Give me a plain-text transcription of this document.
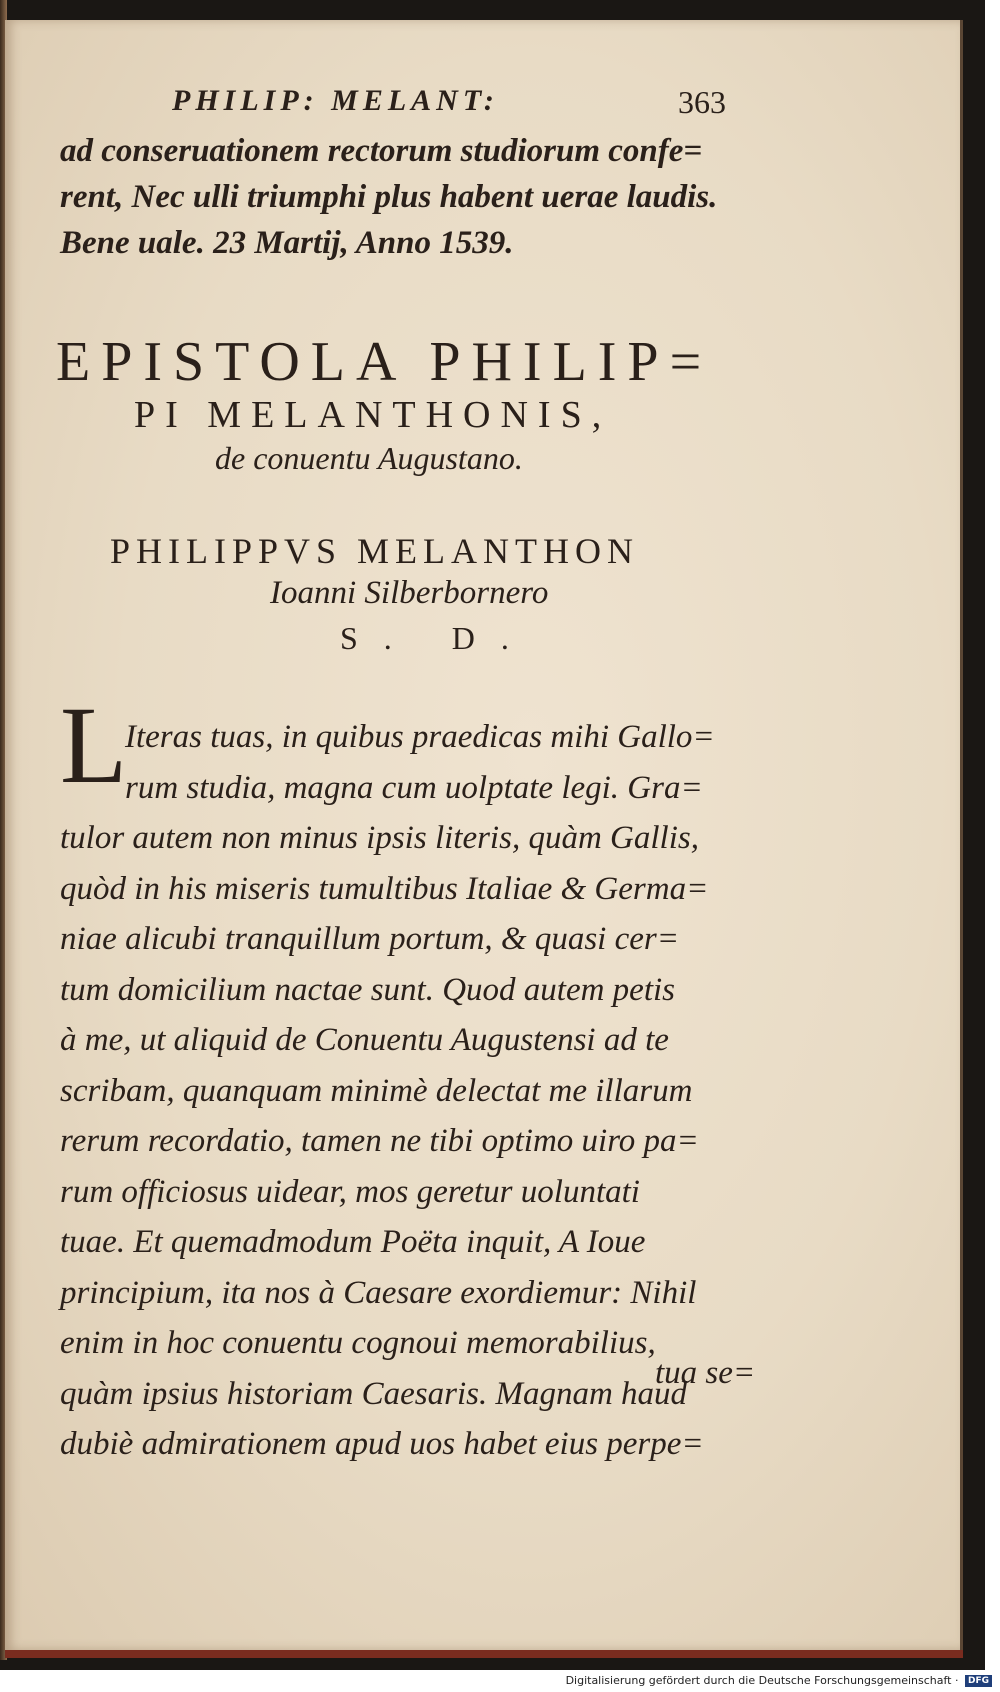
PHILIP: MELANT:	363
ad conseruationem rectorum studiorum confe=
rent, Nec ulli triumphi plus habent uerae laudis.
Bene uale. 23 Martij, Anno 1539.
EPISTOLA PHILIP=
PI MELANTHONIS,
de conuentu Augustano.
PHILIPPVS MELANTHON
Ioanni Silberbornero
S. D.
L
Iteras tuas, in quibus praedicas mihi Gallo=
rum studia, magna cum uolptate legi. Gra=
tulor autem non minus ipsis literis, quàm Gallis,
quòd in his miseris tumultibus Italiae & Germa=
niae alicubi tranquillum portum, & quasi cer=
tum domicilium nactae sunt. Quod autem petis
à me, ut aliquid de Conuentu Augustensi ad te
scribam, quanquam minimè delectat me illarum
rerum recordatio, tamen ne tibi optimo uiro pa=
rum officiosus uidear, mos geretur uoluntati
tuae. Et quemadmodum Poëta inquit, A Ioue
principium, ita nos à Caesare exordiemur: Nihil
enim in hoc conuentu cognoui memorabilius,
quàm ipsius historiam Caesaris. Magnam haud
dubiè admirationem apud uos habet eius perpe=
tua se=
Digitalisierung gefördert durch die Deutsche Forschungsgemeinschaft · DFG
